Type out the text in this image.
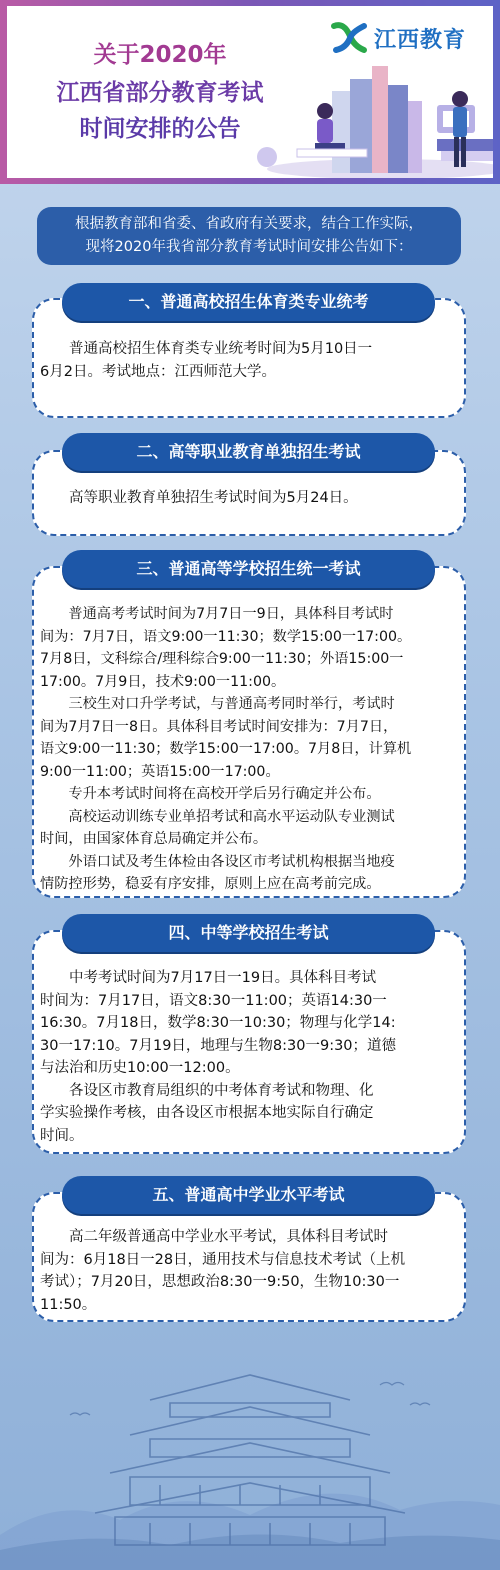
关于2020年
江西省部分教育考试
时间安排的公告
江西教育
根据教育部和省委、省政府有关要求，结合工作实际，
现将2020年我省部分教育考试时间安排公告如下：
一、普通高校招生体育类专业统考
　　普通高校招生体育类专业统考时间为5月10日一
6月2日。考试地点：江西师范大学。
二、高等职业教育单独招生考试
　　高等职业教育单独招生考试时间为5月24日。
三、普通高等学校招生统一考试
　　普通高考考试时间为7月7日一9日，具体科目考试时
间为：7月7日，语文9:00一11:30；数学15:00一17:00。
7月8日，文科综合/理科综合9:00一11:30；外语15:00一
17:00。7月9日，技术9:00一11:00。
　　三校生对口升学考试，与普通高考同时举行，考试时
间为7月7日一8日。具体科目考试时间安排为：7月7日，
语文9:00一11:30；数学15:00一17:00。7月8日，计算机
9:00一11:00；英语15:00一17:00。
　　专升本考试时间将在高校开学后另行确定并公布。
　　高校运动训练专业单招考试和高水平运动队专业测试
时间，由国家体育总局确定并公布。
　　外语口试及考生体检由各设区市考试机构根据当地疫
情防控形势，稳妥有序安排，原则上应在高考前完成。
四、中等学校招生考试
　　中考考试时间为7月17日一19日。具体科目考试
时间为：7月17日，语文8:30一11:00；英语14:30一
16:30。7月18日，数学8:30一10:30；物理与化学14:
30一17:10。7月19日，地理与生物8:30一9:30；道德
与法治和历史10:00一12:00。
　　各设区市教育局组织的中考体育考试和物理、化
学实验操作考核，由各设区市根据本地实际自行确定
时间。
五、普通高中学业水平考试
　　高二年级普通高中学业水平考试，具体科目考试时
间为：6月18日一28日，通用技术与信息技术考试（上机
考试）；7月20日，思想政治8:30一9:50，生物10:30一
11:50。
